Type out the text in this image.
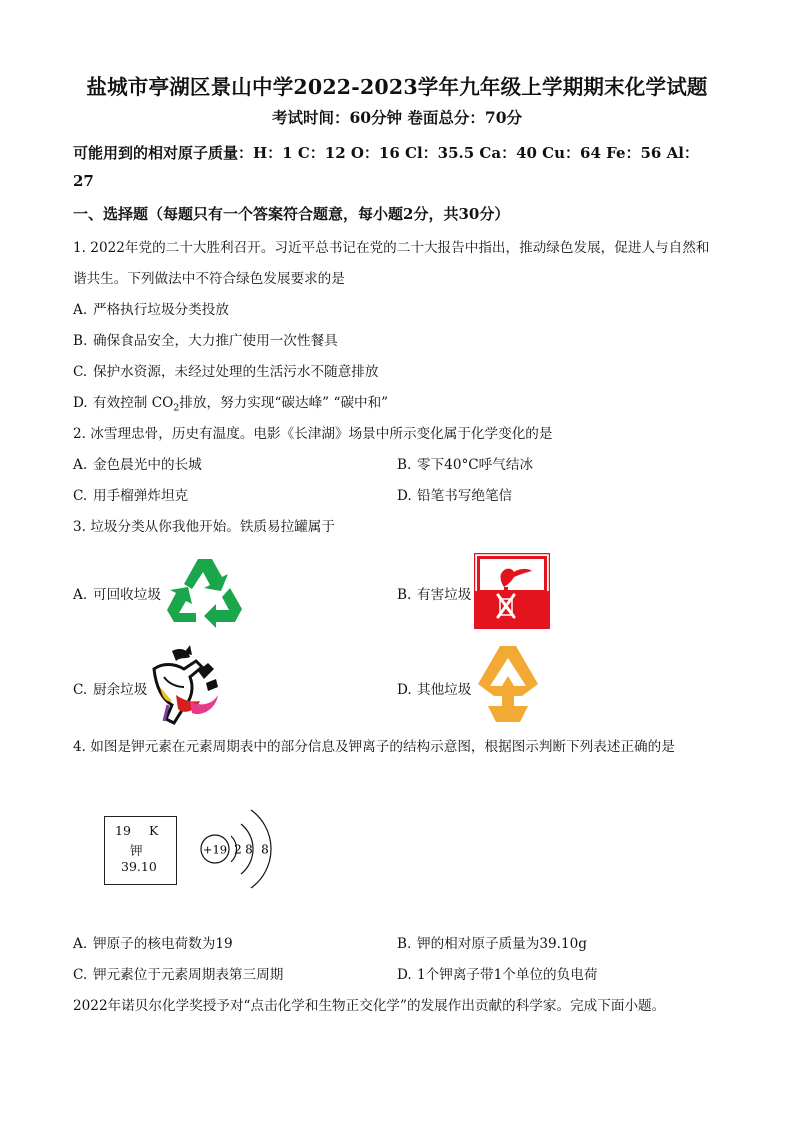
盐城市亭湖区景山中学2022-2023学年九年级上学期期末化学试题
考试时间：60分钟 卷面总分：70分
可能用到的相对原子质量：H：1 C：12 O：16 Cl：35.5 Ca：40 Cu：64 Fe：56 Al：
27
一、选择题（每题只有一个答案符合题意，每小题2分，共30分）
1. 2022年党的二十大胜利召开。习近平总书记在党的二十大报告中指出，推动绿色发展，促进人与自然和
谐共生。下列做法中不符合绿色发展要求的是
A. 严格执行垃圾分类投放
B. 确保食品安全，大力推广使用一次性餐具
C. 保护水资源，未经过处理的生活污水不随意排放
D. 有效控制 $CO_2$排放，努力实现“碳达峰” “碳中和”
2. 冰雪理忠骨，历史有温度。电影《长津湖》场景中所示变化属于化学变化的是
A. 金色晨光中的长城	B. 零下40°C呼气结冰
C. 用手榴弹炸坦克	D. 铅笔书写绝笔信
3. 垃圾分类从你我他开始。铁质易拉罐属于
A. 可回收垃圾	B. 有害垃圾
C. 厨余垃圾	D. 其他垃圾
4. 如图是钾元素在元素周期表中的部分信息及钾离子的结构示意图，根据图示判断下列表述正确的是
19 K
钾
39.10
+19 2 8 8
A. 钾原子的核电荷数为19	B. 钾的相对原子质量为39.10g
C. 钾元素位于元素周期表第三周期	D. 1个钾离子带1个单位的负电荷
2022年诺贝尔化学奖授予对“点击化学和生物正交化学”的发展作出贡献的科学家。完成下面小题。
